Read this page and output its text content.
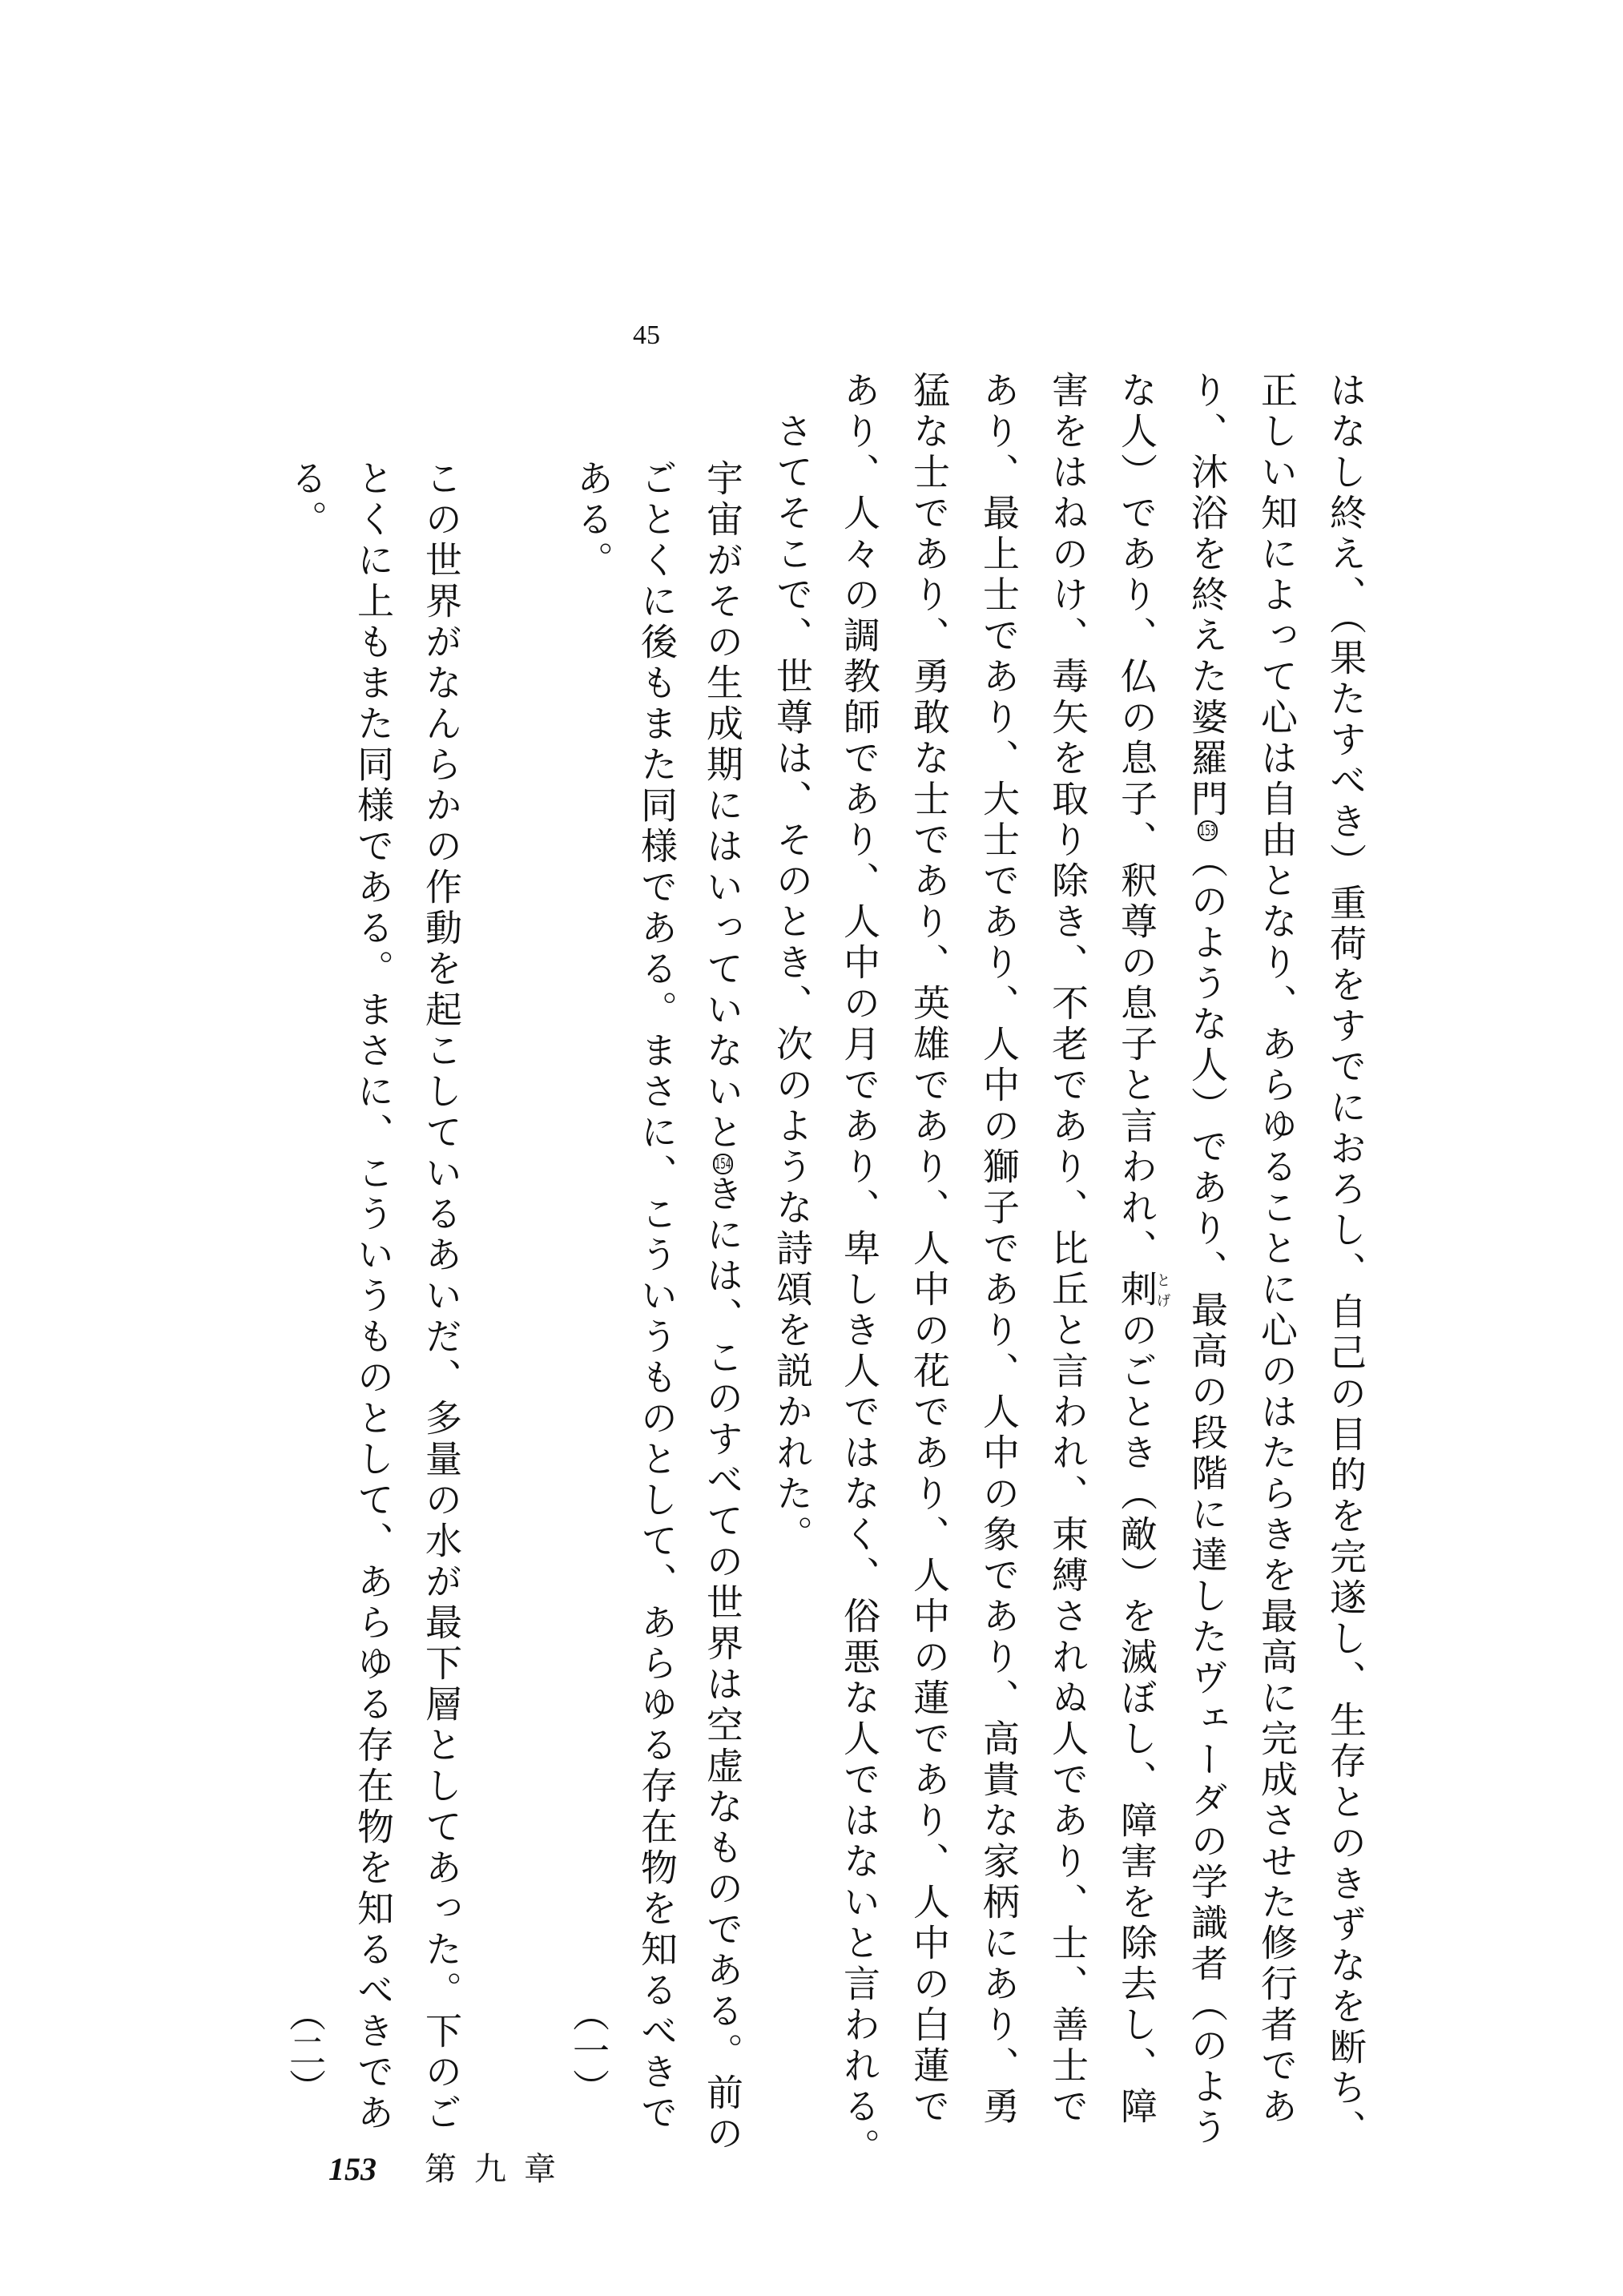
45
はなし終え、（果たすべき）重荷をすでにおろし、自己の目的を完遂し、生存とのきずなを断ち、
正しい知によって心は自由となり、あらゆることに心のはたらきを最高に完成させた修行者であ
り、沐浴を終えた婆羅門153（のような人）であり、最高の段階に達したヴェーダの学識者（のよう
な人）であり、仏の息子、釈尊の息子と言われ、刺とげのごとき（敵）を滅ぼし、障害を除去し、障
害をはねのけ、毒矢を取り除き、不老であり、比丘と言われ、束縛されぬ人であり、士、善士で
あり、最上士であり、大士であり、人中の獅子であり、人中の象であり、高貴な家柄にあり、勇
猛な士であり、勇敢な士であり、英雄であり、人中の花であり、人中の蓮であり、人中の白蓮で
あり、人々の調教師であり、人中の月であり、卑しき人ではなく、俗悪な人ではないと言われる。
さてそこで、世尊は、そのとき、次のような詩頌を説かれた。
宇宙がその生成期にはいっていないと154きには、このすべての世界は空虚なものである。前の
ごとくに後もまた同様である。まさに、こういうものとして、あらゆる存在物を知るべきで
ある。
この世界がなんらかの作動を起こしているあいだ、多量の水が最下層としてあった。下のご
とくに上もまた同様である。まさに、こういうものとして、あらゆる存在物を知るべきであ
る。
（一）
（二）
153 第九章
